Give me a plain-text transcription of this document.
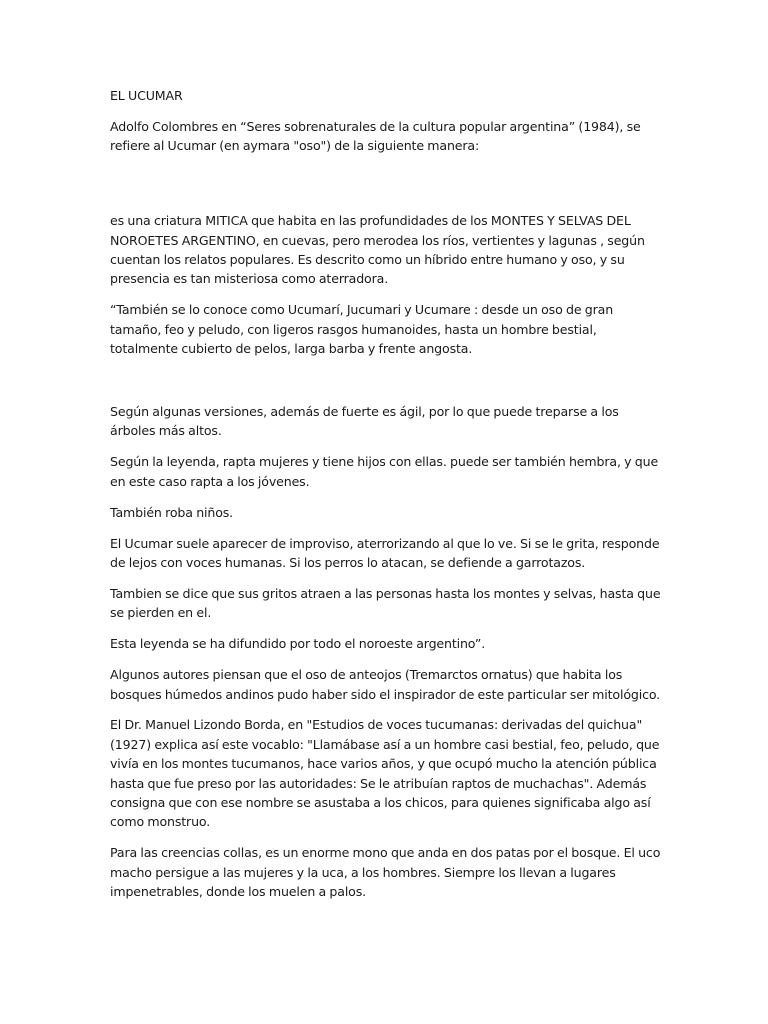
EL UCUMAR

Adolfo Colombres en “Seres sobrenaturales de la cultura popular argentina” (1984), se refiere al Ucumar (en aymara "oso") de la siguiente manera:

es una criatura MITICA que habita en las profundidades de los MONTES Y SELVAS DEL NOROETES ARGENTINO, en cuevas, pero merodea los ríos, vertientes y lagunas , según cuentan los relatos populares. Es descrito como un híbrido entre humano y oso, y su presencia es tan misteriosa como aterradora.

“También se lo conoce como Ucumarí, Jucumari y Ucumare : desde un oso de gran tamaño, feo y peludo, con ligeros rasgos humanoides, hasta un hombre bestial, totalmente cubierto de pelos, larga barba y frente angosta.

Según algunas versiones, además de fuerte es ágil, por lo que puede treparse a los árboles más altos.

Según la leyenda, rapta mujeres y tiene hijos con ellas. puede ser también hembra, y que en este caso rapta a los jóvenes.

También roba niños.

El Ucumar suele aparecer de improviso, aterrorizando al que lo ve. Si se le grita, responde de lejos con voces humanas. Si los perros lo atacan, se defiende a garrotazos.

Tambien se dice que sus gritos atraen a las personas hasta los montes y selvas, hasta que se pierden en el.

Esta leyenda se ha difundido por todo el noroeste argentino”.

Algunos autores piensan que el oso de anteojos (Tremarctos ornatus) que habita los bosques húmedos andinos pudo haber sido el inspirador de este particular ser mitológico.

El Dr. Manuel Lizondo Borda, en "Estudios de voces tucumanas: derivadas del quichua" (1927) explica así este vocablo: "Llamábase así a un hombre casi bestial, feo, peludo, que vivía en los montes tucumanos, hace varios años, y que ocupó mucho la atención pública hasta que fue preso por las autoridades: Se le atribuían raptos de muchachas". Además consigna que con ese nombre se asustaba a los chicos, para quienes significaba algo así como monstruo.

Para las creencias collas, es un enorme mono que anda en dos patas por el bosque. El uco macho persigue a las mujeres y la uca, a los hombres. Siempre los llevan a lugares impenetrables, donde los muelen a palos.
